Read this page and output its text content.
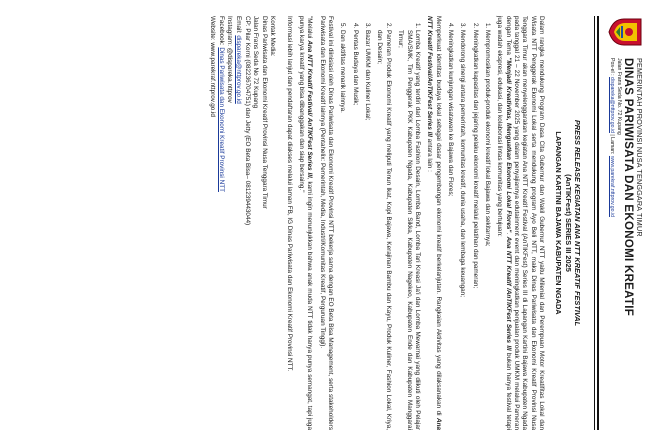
PEMERINTAH PROVINSI NUSA TENGGARA TIMUR
DINAS PARIWISATA DAN EKONOMI KREATIF
Jalan Frans Seda No. 72 Kupang
Pos-el : dispareka@nttprov.go.id | Laman: www.parekraf.nttprov.go.id
PRESS RELEASE KEGIATAN ANA NTT KREATIF FESTIVAL
(AnTIKFest) SERIES III 2025
LAPANGAN KARTINI BAJAWA KABUPATEN NGADA

Dalam rangka mendukung Program Dasa Cita Gubernur dan Wakil Gubernur NTT yaitu Milenial dan Perempuan Motor Kreatifitas Lokal dan Wisata NTT Penggerak Ekonomi Lokal serta mendukung program Ayo Beli NTT, maka Dinas Pariwisata dan Ekonomi Kreatif Provinsi Nusa Tenggara Timur akan menyelenggarakan kegiatan Ana NTT Kreatif Festival (AnTIKFest) Series III di Lapangan Kartini Bajawa Kabupaten Ngada pada tanggal 21 – 22 November 2025 yang dalam penyajiannya edutainment event dan meningkatkan penjualan produk UMKM melalui Pameran dengan Tema "Menjadi Kreativitas, Menguatkan Ekonomi Lokal Flores". Ana NTT Kreatif /AnTIKFest Series III bukan hanya festival tetapi juga wadah ekspresi, edukasi, dan kolaborasi lintas komunitas yang bertujuan:

1. Mempromosikan produk-produk ekonomi kreatif lokal Bajawa dan sekitarnya;
2. Meningkatkan kapasitas dan jejaring pelaku ekonomi kreatif melalui pelatihan dan pameran;
3. Mendorong sinergi antara pemerintah, komunitas kreatif, dunia usaha, dan lembaga keuangan;
4. Meningkatkan kunjungan wisatawan ke Bajawa dan Flores;

Memperkuat identitas budaya lokal sebagai dasar pengembangan ekonomi kreatif berkelanjutan. Rangkaian Aktivitas yang dilaksanakan di Ana NTT Kreatif Festival/AnTIKFest Series III antara lain :

1. Lomba Kreatif yang terdiri dari Lomba Fashion Desain, Lomba Band, Lomba Tari Kreasi Ja'i dan Lomba Mewarnai yang diikuti oleh Pelajar SMA/SMK, Tim Penggerak PKK Kabupaten Ngada, Kabupaten Sikka, Kabupaten Nagekeo, Kabupaten Ende dan Kabupaten Manggarai Timur;
2. Pameran Produk Ekonomi Kreatif yang meliputi Tenun Ikat, Kopi Bajawa, Kerajinan Bambu dan Kayu, Produk Kuliner, Fashion Lokal, Kriya, dan Desain;
3. Bazar UMKM dan Kuliner Lokal;
4. Pentas Budaya dan Musik;
5. Dan aktifitas menarik lainnya.

Festival ini diinisiasi oleh Dinas Pariwisata dan Ekonomi Kreatif Provinsi NTT bekerja sama dengan EO Beta Bisa Management, serta stakeholders Pariwisata dan Ekonomi Kreatif lainnya (Pentahelix: Pemerintah, Media, Industri/Komunitas Kreatif, Perguruan Tinggi).

"Melalui Ana NTT Kreatif Festival/ AnTIKFest Series III, kami ingin menunjukkan bahwa anak muda NTT tidak hanya punya semangat, tapi juga punya karya kreatif yang bisa dibanggakan dan siap bersaing."

Informasi lebih lanjut dan pendaftaran dapat diakses melalui laman FB, IG Dinas Pariwisata dan Ekonomi Kreatif Provinsi NTT.

Kontak Media:
Dinas Pariwisata dan Ekonomi Kreatif Provinsi Nusa Tenggara Timur
Jalan Frans Seda No 72 Kupang
CP: Pilar Korni (082236704751) dan Jetty (EO Beta Bisa– 081239443044)
Email: dispareka@nttprov.go.id
Instagram: @dispareka.nttprov
Facebook: Dinas Pariwisata dan Ekonomi Kreatif Provinsi NTT
Website: www.parekraf.nttprov.go.id
